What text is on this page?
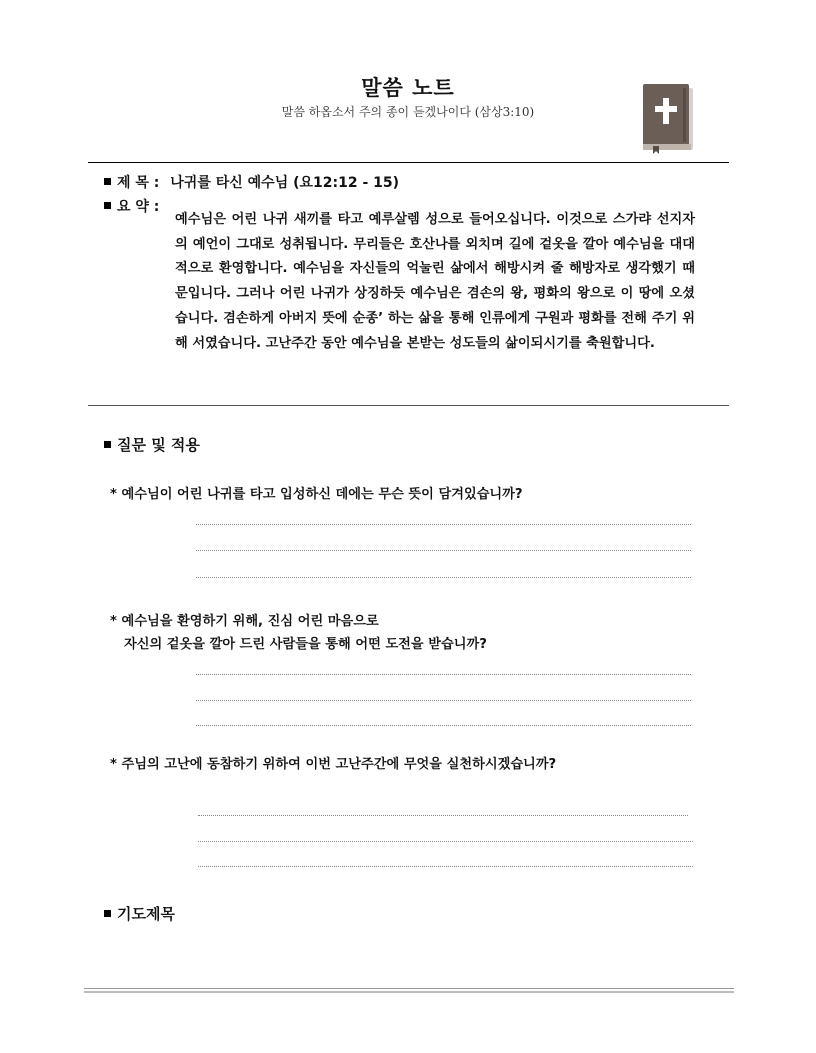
말씀 노트
말씀 하옵소서 주의 종이 듣겠나이다 (삼상3:10)
제 목 : 나귀를 타신 예수님 (요12:12 - 15)
요 약 :
예수님은 어린 나귀 새끼를 타고 예루살렘 성으로 들어오십니다. 이것으로 스가랴 선지자의 예언이 그대로 성취됩니다. 무리들은 호산나를 외치며 길에 겉옷을 깔아 예수님을 대대적으로 환영합니다. 예수님을 자신들의 억눌린 삶에서 해방시켜 줄 해방자로 생각했기 때문입니다. 그러나 어린 나귀가 상징하듯 예수님은 겸손의 왕, 평화의 왕으로 이 땅에 오셨습니다. 겸손하게 아버지 뜻에 순종’ 하는 삶을 통해 인류에게 구원과 평화를 전해 주기 위해 서였습니다. 고난주간 동안 예수님을 본받는 성도들의 삶이되시기를 축원합니다.
질문 및 적용
* 예수님이 어린 나귀를 타고 입성하신 데에는 무슨 뜻이 담겨있습니까?
* 예수님을 환영하기 위해, 진심 어린 마음으로
자신의 겉옷을 깔아 드린 사람들을 통해 어떤 도전을 받습니까?
* 주님의 고난에 동참하기 위하여 이번 고난주간에 무엇을 실천하시겠습니까?
기도제목
